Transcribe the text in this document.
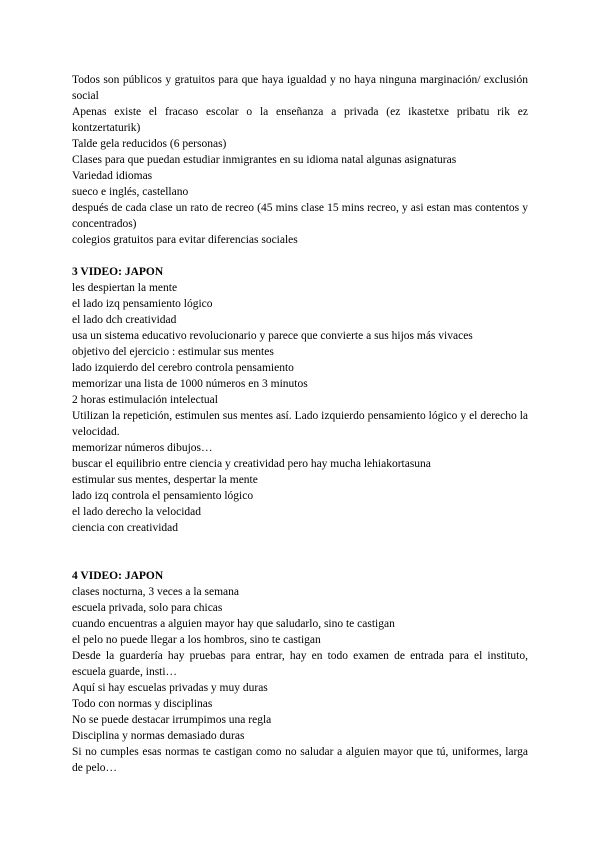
Todos son públicos y gratuitos para que haya igualdad y no haya ninguna marginación/ exclusión social

Apenas existe el fracaso escolar o la enseñanza a privada (ez ikastetxe pribatu rik ez kontzertaturik)

Talde gela reducidos (6 personas)

Clases para que puedan estudiar inmigrantes en su idioma natal algunas asignaturas

Variedad idiomas

sueco e inglés, castellano

después de cada clase un rato de recreo (45 mins clase 15 mins recreo, y asi estan mas contentos y concentrados)

colegios gratuitos para evitar diferencias sociales

3 VIDEO: JAPON

les despiertan la mente

el lado izq pensamiento lógico

el lado dch creatividad

usa un sistema educativo revolucionario y parece que convierte a sus hijos más vivaces

objetivo del ejercicio : estimular sus mentes

lado izquierdo del cerebro controla pensamiento

memorizar una lista de 1000 números en 3 minutos

2 horas estimulación intelectual

Utilizan la repetición, estimulen sus mentes así. Lado izquierdo pensamiento lógico y el derecho la velocidad.

memorizar números dibujos…

buscar el equilibrio entre ciencia y creatividad pero hay mucha lehiakortasuna

estimular sus mentes, despertar la mente

lado izq controla el pensamiento lógico

el lado derecho la velocidad

ciencia con creatividad

4 VIDEO: JAPON

clases nocturna, 3 veces a la semana

escuela privada, solo para chicas

cuando encuentras a alguien mayor hay que saludarlo, sino te castigan

el pelo no puede llegar a los hombros, sino te castigan

Desde la guardería hay pruebas para entrar, hay en todo examen de entrada para el instituto, escuela guarde, insti…

Aquí si hay escuelas privadas y muy duras

Todo con normas y disciplinas

No se puede destacar irrumpimos una regla

Disciplina y normas demasiado duras

Si no cumples esas normas te castigan como no saludar a alguien mayor que tú, uniformes, larga de pelo…
